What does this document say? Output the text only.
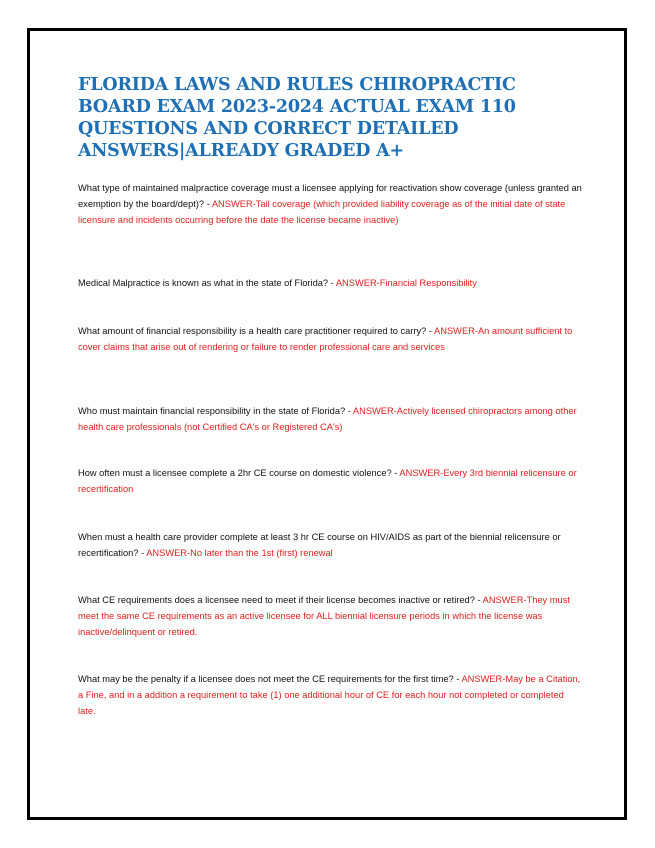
FLORIDA LAWS AND RULES CHIROPRACTIC BOARD EXAM 2023-2024 ACTUAL EXAM 110 QUESTIONS AND CORRECT DETAILED ANSWERS|ALREADY GRADED A+

What type of maintained malpractice coverage must a licensee applying for reactivation show coverage (unless granted an exemption by the board/dept)? - ANSWER-Tail coverage (which provided liability coverage as of the initial date of state licensure and incidents occurring before the date the license became inactive)

Medical Malpractice is known as what in the state of Florida? - ANSWER-Financial Responsibility

What amount of financial responsibility is a health care practitioner required to carry? - ANSWER-An amount sufficient to cover claims that arise out of rendering or failure to render professional care and services

Who must maintain financial responsibility in the state of Florida? - ANSWER-Actively licensed chiropractors among other health care professionals (not Certified CA's or Registered CA's)

How often must a licensee complete a 2hr CE course on domestic violence? - ANSWER-Every 3rd biennial relicensure or recertification

When must a health care provider complete at least 3 hr CE course on HIV/AIDS as part of the biennial relicensure or recertification? - ANSWER-No later than the 1st (first) renewal

What CE requirements does a licensee need to meet if their license becomes inactive or retired? - ANSWER-They must meet the same CE requirements as an active licensee for ALL biennial licensure periods in which the license was inactive/delinquent or retired.

What may be the penalty if a licensee does not meet the CE requirements for the first time? - ANSWER-May be a Citation, a Fine, and in a addition a requirement to take (1) one additional hour of CE for each hour not completed or completed late.
